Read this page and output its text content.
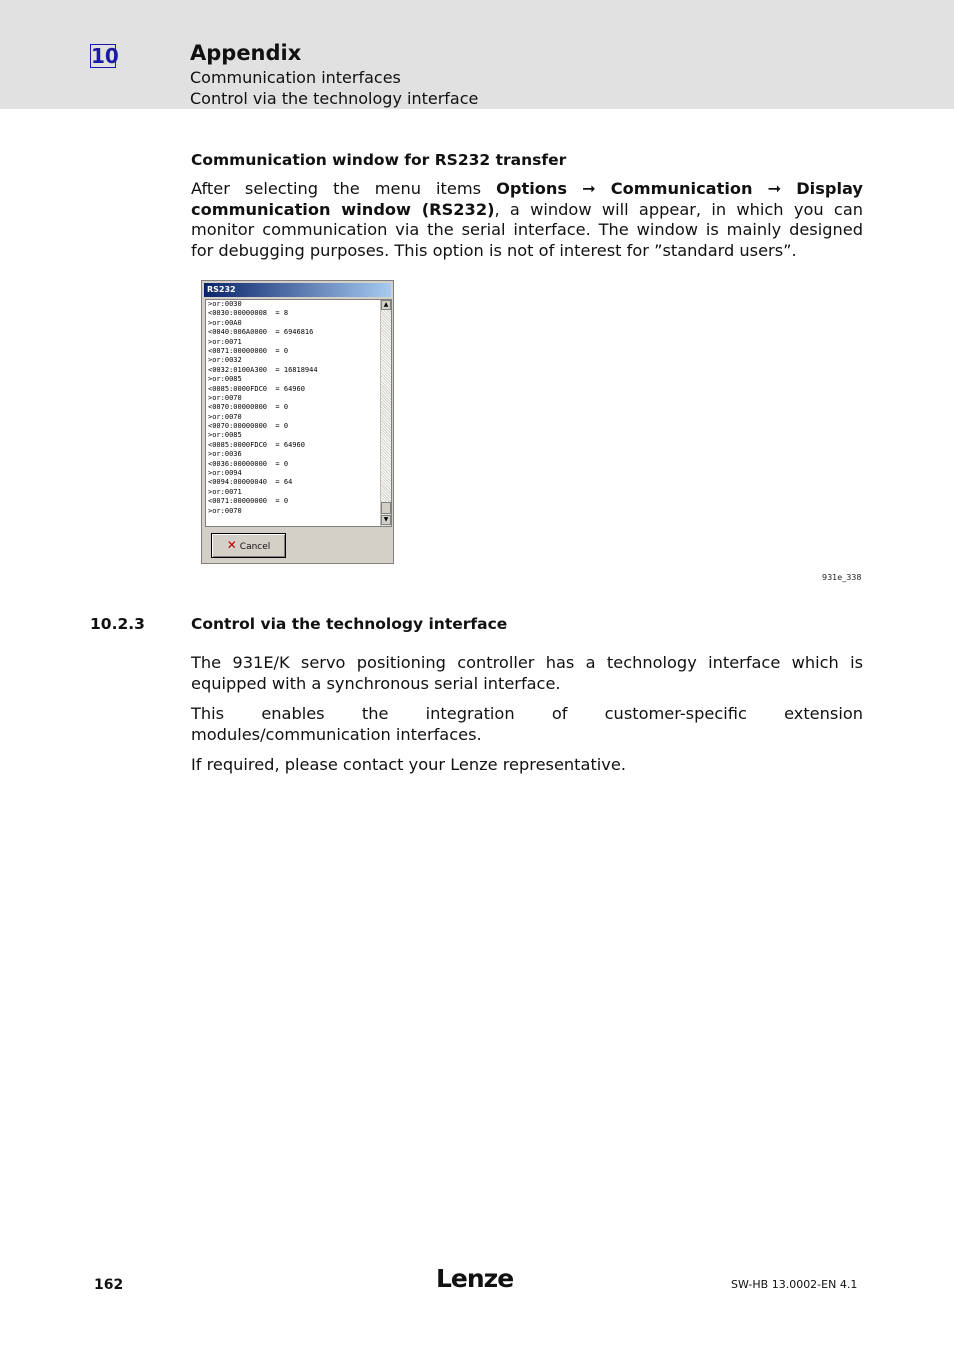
10	Appendix
Communication interfaces
Control via the technology interface
Communication window for RS232 transfer
After selecting the menu items Options ➞ Communication ➞ Display communication window (RS232), a window will appear, in which you can monitor communication via the serial interface. The window is mainly designed for debugging purposes. This option is not of interest for ”standard users”.
RS232
>or:0030
<0030:00000008  = 8
>or:00A0
<0040:006A0000  = 6946816
>or:0071
<0071:00000000  = 0
>or:0032
<0032:0100A300  = 16818944
>or:0085
<0085:0000FDC0  = 64960
>or:0070
<0070:00000000  = 0
>or:0070
<0070:00000000  = 0
>or:0085
<0085:0000FDC0  = 64960
>or:0036
<0036:00000000  = 0
>or:0094
<0094:00000040  = 64
>or:0071
<0071:00000000  = 0
>or:0070
▲
▼
✕ Cancel
931e_338
10.2.3	Control via the technology interface
The 931E/K servo positioning controller has a technology interface which is equipped with a synchronous serial interface.
This enables the integration of customer-specific extension modules/communication interfaces.
If required, please contact your Lenze representative.
162	Lenze	SW-HB 13.0002-EN 4.1
